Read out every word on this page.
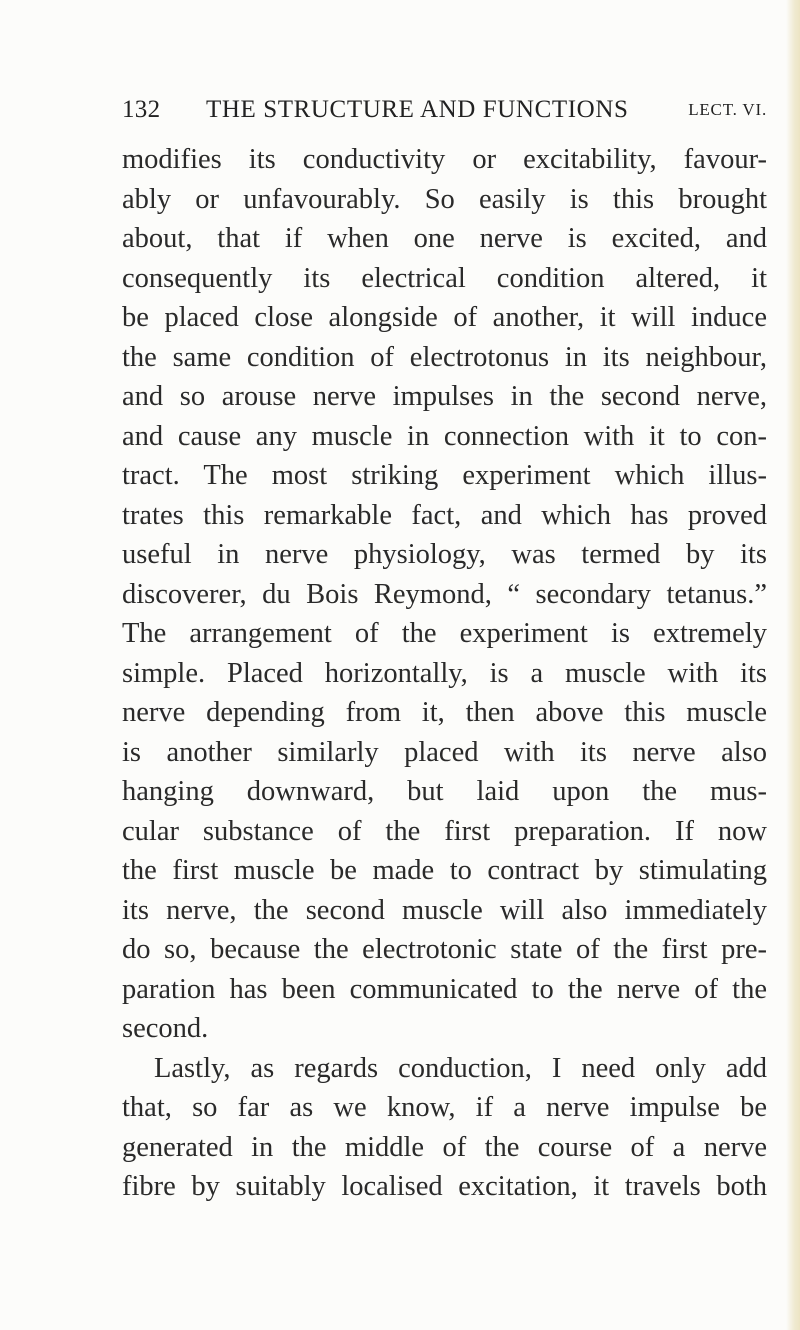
132 THE STRUCTURE AND FUNCTIONS	LECT. VI.
modifies its conductivity or excitability, favour-
ably or unfavourably. So easily is this brought
about, that if when one nerve is excited, and
consequently its electrical condition altered, it
be placed close alongside of another, it will induce
the same condition of electrotonus in its neighbour,
and so arouse nerve impulses in the second nerve,
and cause any muscle in connection with it to con-
tract. The most striking experiment which illus-
trates this remarkable fact, and which has proved
useful in nerve physiology, was termed by its
discoverer, du Bois Reymond, “ secondary tetanus.”
The arrangement of the experiment is extremely
simple. Placed horizontally, is a muscle with its
nerve depending from it, then above this muscle
is another similarly placed with its nerve also
hanging downward, but laid upon the mus-
cular substance of the first preparation. If now
the first muscle be made to contract by stimulating
its nerve, the second muscle will also immediately
do so, because the electrotonic state of the first pre-
paration has been communicated to the nerve of the
second.
Lastly, as regards conduction, I need only add
that, so far as we know, if a nerve impulse be
generated in the middle of the course of a nerve
fibre by suitably localised excitation, it travels both
